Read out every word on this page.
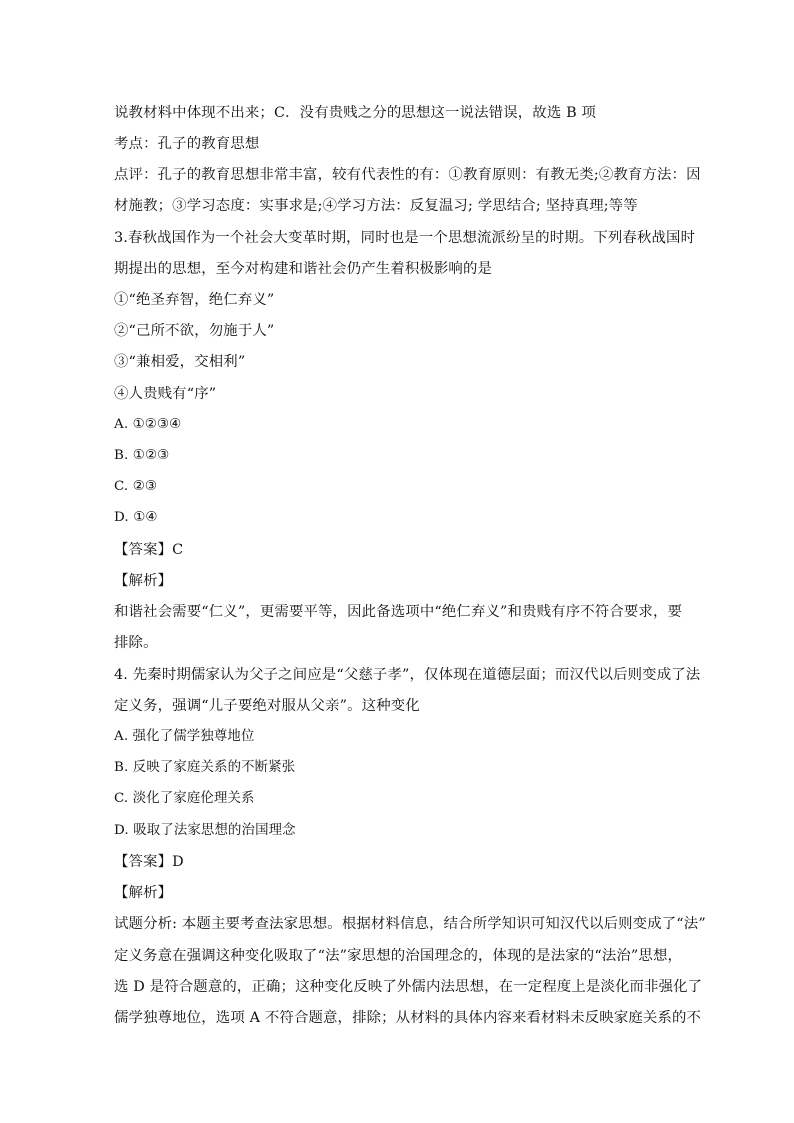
说教材料中体现不出来；C．没有贵贱之分的思想这一说法错误，故选 B 项
考点：孔子的教育思想
点评：孔子的教育思想非常丰富，较有代表性的有：①教育原则：有教无类;②教育方法：因
材施教；③学习态度：实事求是;④学习方法：反复温习; 学思结合; 坚持真理;等等
3.春秋战国作为一个社会大变革时期，同时也是一个思想流派纷呈的时期。下列春秋战国时
期提出的思想，至今对构建和谐社会仍产生着积极影响的是
①“绝圣弃智，绝仁弃义”
②“己所不欲，勿施于人”
③“兼相爱，交相利”
④人贵贱有“序”
A. ①②③④
B. ①②③
C. ②③
D. ①④
【答案】C
【解析】
和谐社会需要“仁义”，更需要平等，因此备选项中“绝仁弃义”和贵贱有序不符合要求，要
排除。
4. 先秦时期儒家认为父子之间应是“父慈子孝”，仅体现在道德层面；而汉代以后则变成了法
定义务，强调“儿子要绝对服从父亲”。这种变化
A. 强化了儒学独尊地位
B. 反映了家庭关系的不断紧张
C. 淡化了家庭伦理关系
D. 吸取了法家思想的治国理念
【答案】D
【解析】
试题分析: 本题主要考查法家思想。根据材料信息，结合所学知识可知汉代以后则变成了“法”
定义务意在强调这种变化吸取了“法”家思想的治国理念的，体现的是法家的“法治”思想，
选 D 是符合题意的，正确；这种变化反映了外儒内法思想，在一定程度上是淡化而非强化了
儒学独尊地位，选项 A 不符合题意，排除；从材料的具体内容来看材料未反映家庭关系的不
